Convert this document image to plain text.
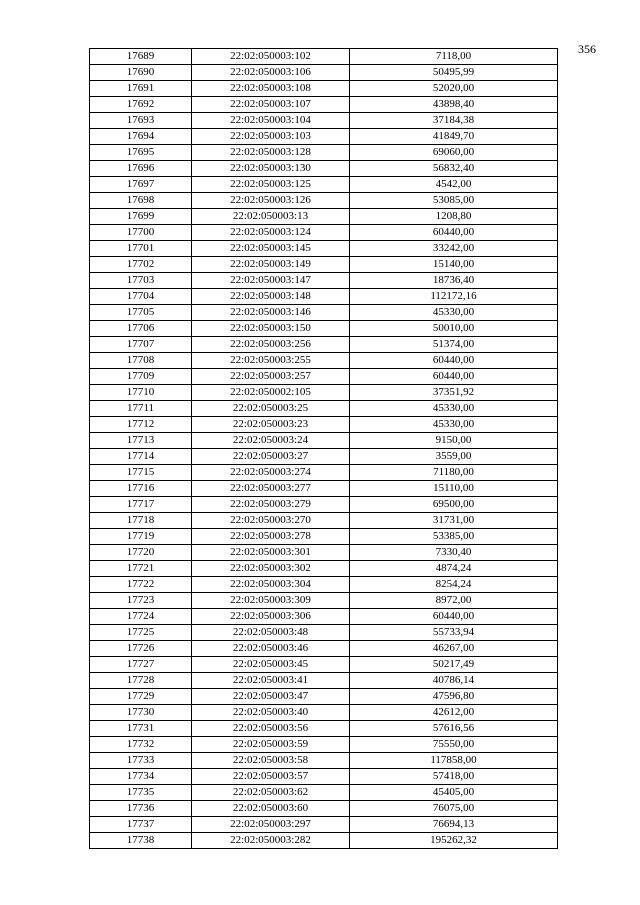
356
17689	22:02:050003:102	7118,00
17690	22:02:050003:106	50495,99
17691	22:02:050003:108	52020,00
17692	22:02:050003:107	43898,40
17693	22:02:050003:104	37184,38
17694	22:02:050003:103	41849,70
17695	22:02:050003:128	69060,00
17696	22:02:050003:130	56832,40
17697	22:02:050003:125	4542,00
17698	22:02:050003:126	53085,00
17699	22:02:050003:13	1208,80
17700	22:02:050003:124	60440,00
17701	22:02:050003:145	33242,00
17702	22:02:050003:149	15140,00
17703	22:02:050003:147	18736,40
17704	22:02:050003:148	112172,16
17705	22:02:050003:146	45330,00
17706	22:02:050003:150	50010,00
17707	22:02:050003:256	51374,00
17708	22:02:050003:255	60440,00
17709	22:02:050003:257	60440,00
17710	22:02:050002:105	37351,92
17711	22:02:050003:25	45330,00
17712	22:02:050003:23	45330,00
17713	22:02:050003:24	9150,00
17714	22:02:050003:27	3559,00
17715	22:02:050003:274	71180,00
17716	22:02:050003:277	15110,00
17717	22:02:050003:279	69500,00
17718	22:02:050003:270	31731,00
17719	22:02:050003:278	53385,00
17720	22:02:050003:301	7330,40
17721	22:02:050003:302	4874,24
17722	22:02:050003:304	8254,24
17723	22:02:050003:309	8972,00
17724	22:02:050003:306	60440,00
17725	22:02:050003:48	55733,94
17726	22:02:050003:46	46267,00
17727	22:02:050003:45	50217,49
17728	22:02:050003:41	40786,14
17729	22:02:050003:47	47596,80
17730	22:02:050003:40	42612,00
17731	22:02:050003:56	57616,56
17732	22:02:050003:59	75550,00
17733	22:02:050003:58	117858,00
17734	22:02:050003:57	57418,00
17735	22:02:050003:62	45405,00
17736	22:02:050003:60	76075,00
17737	22:02:050003:297	76694,13
17738	22:02:050003:282	195262,32
